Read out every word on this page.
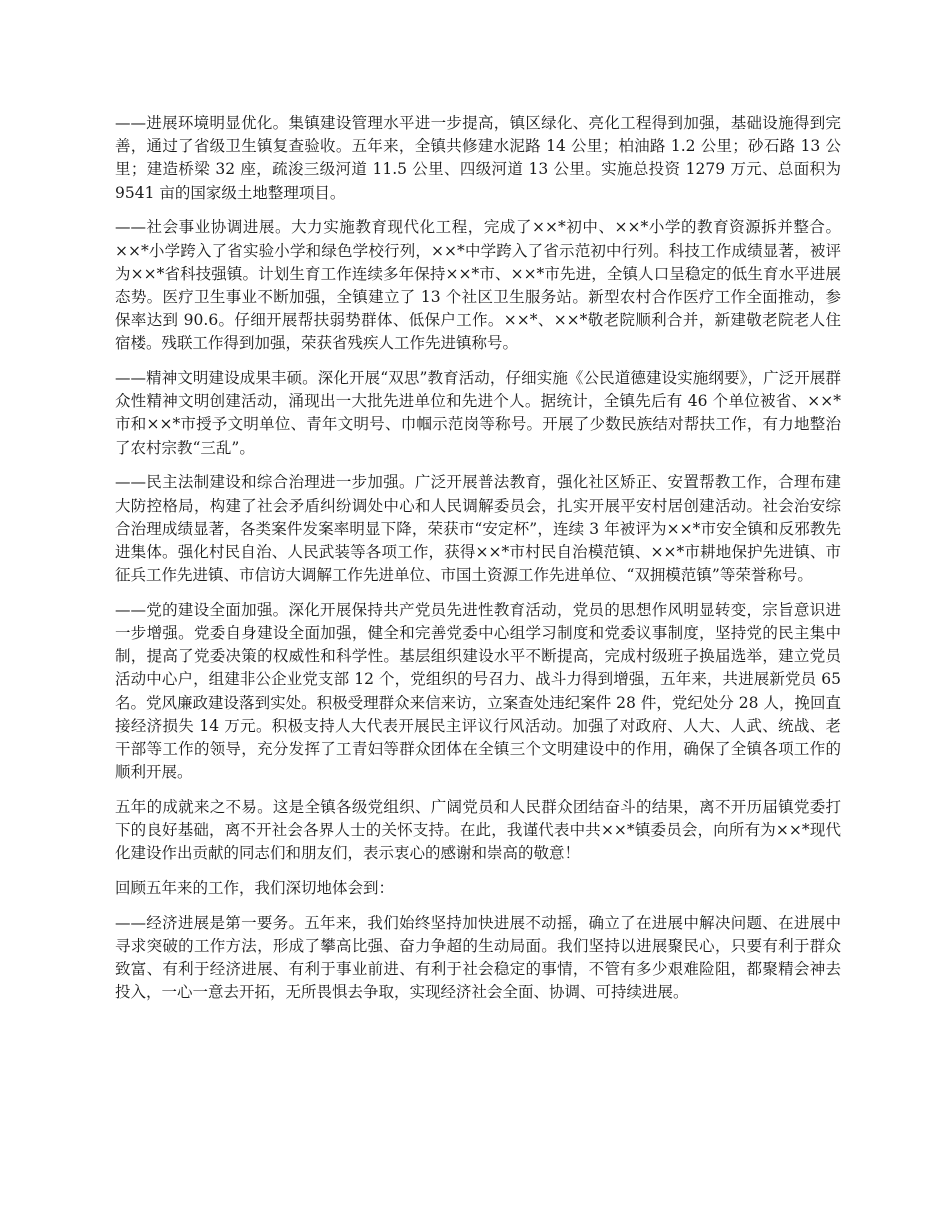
——进展环境明显优化。集镇建设管理水平进一步提高，镇区绿化、亮化工程得到加强，基础设施得到完善，通过了省级卫生镇复查验收。五年来，全镇共修建水泥路 14 公里；柏油路 1.2 公里；砂石路 13 公里；建造桥梁 32 座，疏浚三级河道 11.5 公里、四级河道 13 公里。实施总投资 1279 万元、总面积为 9541 亩的国家级土地整理项目。

——社会事业协调进展。大力实施教育现代化工程，完成了××*初中、××*小学的教育资源拆并整合。××*小学跨入了省实验小学和绿色学校行列，××*中学跨入了省示范初中行列。科技工作成绩显著，被评为××*省科技强镇。计划生育工作连续多年保持××*市、××*市先进，全镇人口呈稳定的低生育水平进展态势。医疗卫生事业不断加强，全镇建立了 13 个社区卫生服务站。新型农村合作医疗工作全面推动，参保率达到 90.6。仔细开展帮扶弱势群体、低保户工作。××*、××*敬老院顺利合并，新建敬老院老人住宿楼。残联工作得到加强，荣获省残疾人工作先进镇称号。

——精神文明建设成果丰硕。深化开展“双思”教育活动，仔细实施《公民道德建设实施纲要》，广泛开展群众性精神文明创建活动，涌现出一大批先进单位和先进个人。据统计，全镇先后有 46 个单位被省、××*市和××*市授予文明单位、青年文明号、巾帼示范岗等称号。开展了少数民族结对帮扶工作，有力地整治了农村宗教“三乱”。

——民主法制建设和综合治理进一步加强。广泛开展普法教育，强化社区矫正、安置帮教工作，合理布建大防控格局，构建了社会矛盾纠纷调处中心和人民调解委员会，扎实开展平安村居创建活动。社会治安综合治理成绩显著，各类案件发案率明显下降，荣获市“安定杯”，连续 3 年被评为××*市安全镇和反邪教先进集体。强化村民自治、人民武装等各项工作，获得××*市村民自治模范镇、××*市耕地保护先进镇、市征兵工作先进镇、市信访大调解工作先进单位、市国土资源工作先进单位、“双拥模范镇”等荣誉称号。

——党的建设全面加强。深化开展保持共产党员先进性教育活动，党员的思想作风明显转变，宗旨意识进一步增强。党委自身建设全面加强，健全和完善党委中心组学习制度和党委议事制度，坚持党的民主集中制，提高了党委决策的权威性和科学性。基层组织建设水平不断提高，完成村级班子换届选举，建立党员活动中心户，组建非公企业党支部 12 个，党组织的号召力、战斗力得到增强，五年来，共进展新党员 65 名。党风廉政建设落到实处。积极受理群众来信来访，立案查处违纪案件 28 件，党纪处分 28 人，挽回直接经济损失 14 万元。积极支持人大代表开展民主评议行风活动。加强了对政府、人大、人武、统战、老干部等工作的领导，充分发挥了工青妇等群众团体在全镇三个文明建设中的作用，确保了全镇各项工作的顺利开展。

五年的成就来之不易。这是全镇各级党组织、广阔党员和人民群众团结奋斗的结果，离不开历届镇党委打下的良好基础，离不开社会各界人士的关怀支持。在此，我谨代表中共××*镇委员会，向所有为××*现代化建设作出贡献的同志们和朋友们，表示衷心的感谢和崇高的敬意！

回顾五年来的工作，我们深切地体会到：

——经济进展是第一要务。五年来，我们始终坚持加快进展不动摇，确立了在进展中解决问题、在进展中寻求突破的工作方法，形成了攀高比强、奋力争超的生动局面。我们坚持以进展聚民心，只要有利于群众致富、有利于经济进展、有利于事业前进、有利于社会稳定的事情，不管有多少艰难险阻，都聚精会神去投入，一心一意去开拓，无所畏惧去争取，实现经济社会全面、协调、可持续进展。
